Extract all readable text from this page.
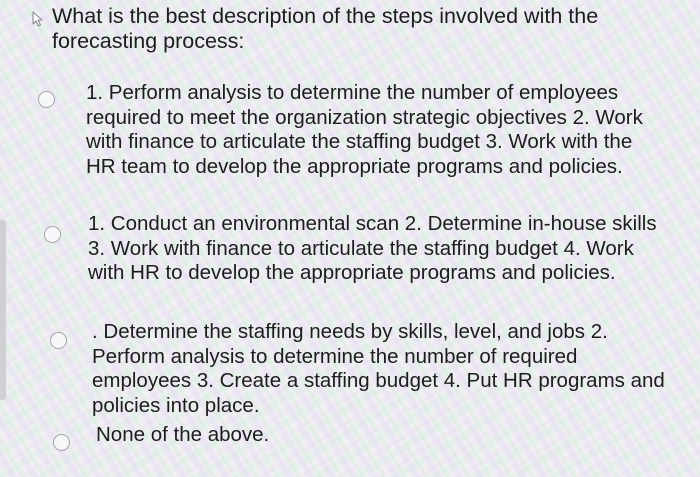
What is the best description of the steps involved with the forecasting process:
1. Perform analysis to determine the number of employees required to meet the organization strategic objectives 2. Work with finance to articulate the staffing budget 3. Work with the HR team to develop the appropriate programs and policies.
1. Conduct an environmental scan 2. Determine in-house skills 3. Work with finance to articulate the staffing budget 4. Work with HR to develop the appropriate programs and policies.
. Determine the staffing needs by skills, level, and jobs 2. Perform analysis to determine the number of required employees 3. Create a staffing budget 4. Put HR programs and policies into place.
None of the above.
